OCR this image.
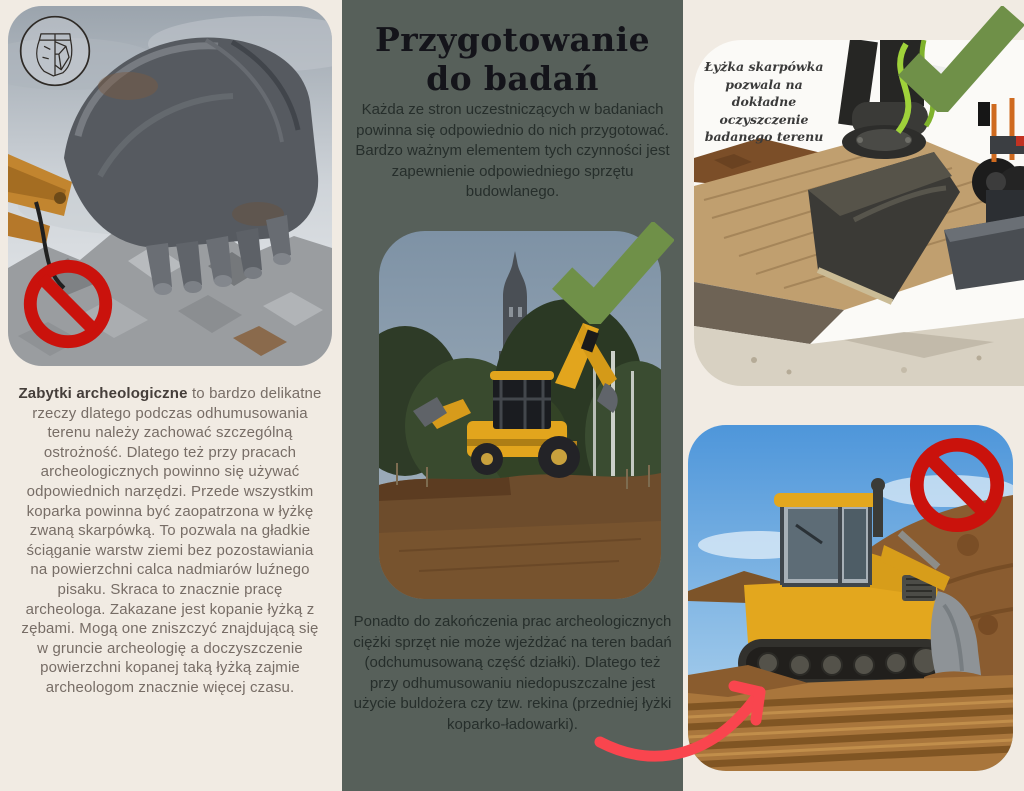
Zabytki archeologiczne to bardzo delikatne rzeczy dlatego podczas odhumusowania terenu należy zachować szczególną ostrożność. Dlatego też przy pracach archeologicznych powinno się używać odpowiednich narzędzi. Przede wszystkim koparka powinna być zaopatrzona w łyżkę zwaną skarpówką. To pozwala na gładkie ściąganie warstw ziemi bez pozostawiania na powierzchni calca nadmiarów luźnego pisaku. Skraca to znacznie pracę archeologa. Zakazane jest kopanie łyżką z zębami. Mogą one zniszczyć znajdującą się w gruncie archeologię a doczyszczenie powierzchni kopanej taką łyżką zajmie archeologom znacznie więcej czasu.

Przygotowanie
do badań

Każda ze stron uczestniczących w badaniach powinna się odpowiednio do nich przygotować. Bardzo ważnym elementem tych czynności jest zapewnienie odpowiedniego sprzętu budowlanego.

Ponadto do zakończenia prac archeologicznych ciężki sprzęt nie może wjeżdżać na teren badań (odchumusowaną część działki). Dlatego też przy odhumusowaniu niedopuszczalne jest użycie buldożera czy tzw. rekina (przedniej łyżki koparko-ładowarki).

Łyżka skarpówka pozwala na dokładne oczyszczenie badanego terenu
